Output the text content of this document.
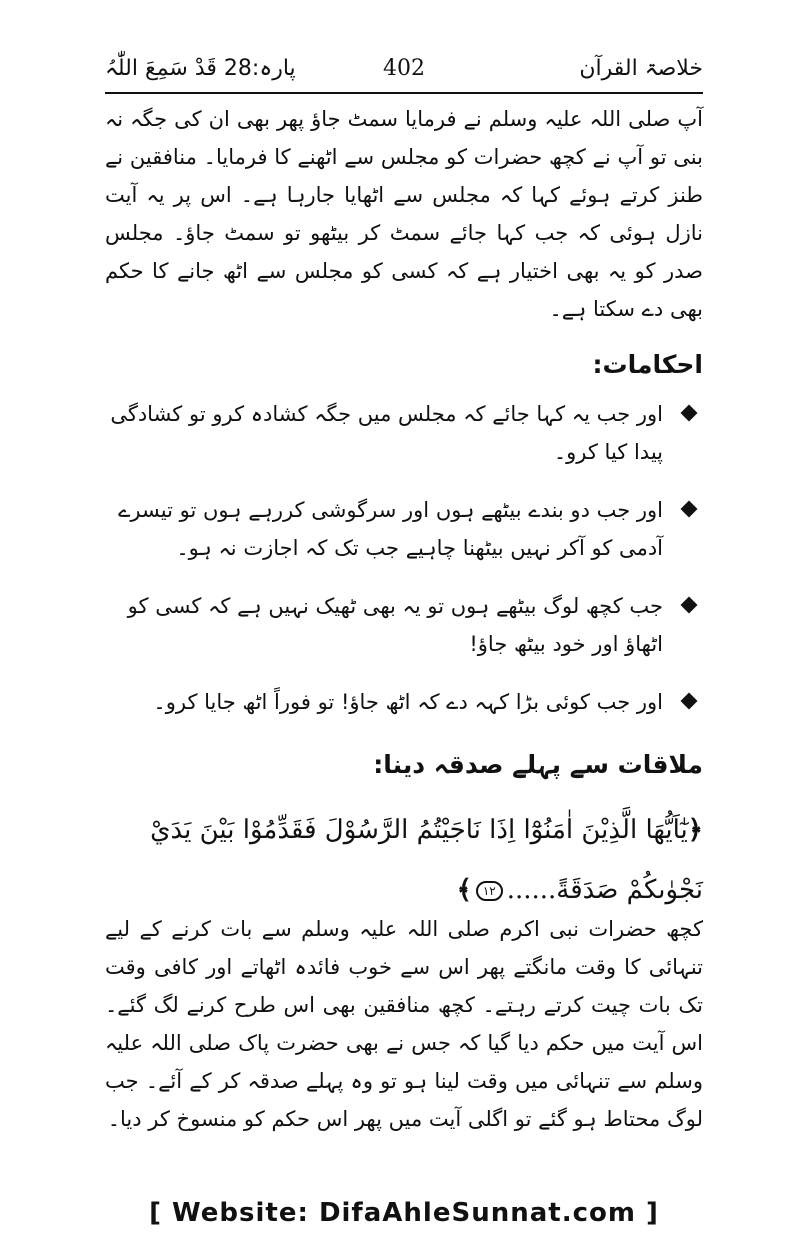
خلاصۃ القرآن
402
پارہ:28 قَدْ سَمِعَ اللّٰہُ

آپ صلی اللہ علیہ وسلم نے فرمایا سمٹ جاؤ پھر بھی ان کی جگہ نہ بنی تو آپ نے کچھ حضرات کو مجلس سے اٹھنے کا فرمایا۔ منافقین نے طنز کرتے ہوئے کہا کہ مجلس سے اٹھایا جارہا ہے۔ اس پر یہ آیت نازل ہوئی کہ جب کہا جائے سمٹ کر بیٹھو تو سمٹ جاؤ۔ مجلس صدر کو یہ بھی اختیار ہے کہ کسی کو مجلس سے اٹھ جانے کا حکم بھی دے سکتا ہے۔

احکامات:
اور جب یہ کہا جائے کہ مجلس میں جگہ کشادہ کرو تو کشادگی پیدا کیا کرو۔
اور جب دو بندے بیٹھے ہوں اور سرگوشی کررہے ہوں تو تیسرے آدمی کو آکر نہیں بیٹھنا چاہیے جب تک کہ اجازت نہ ہو۔
جب کچھ لوگ بیٹھے ہوں تو یہ بھی ٹھیک نہیں ہے کہ کسی کو اٹھاؤ اور خود بیٹھ جاؤ!
اور جب کوئی بڑا کہہ دے کہ اٹھ جاؤ! تو فوراً اٹھ جایا کرو۔
ملاقات سے پہلے صدقہ دینا:
﴿يٰٓاَيُّهَا الَّذِيْنَ اٰمَنُوْٓا اِذَا نَاجَيْتُمُ الرَّسُوْلَ فَقَدِّمُوْا بَيْنَ يَدَيْ نَجْوٰىكُمْ صَدَقَةً......١٢﴾

کچھ حضرات نبی اکرم صلی اللہ علیہ وسلم سے بات کرنے کے لیے تنہائی کا وقت مانگتے پھر اس سے خوب فائدہ اٹھاتے اور کافی وقت تک بات چیت کرتے رہتے۔ کچھ منافقین بھی اس طرح کرنے لگ گئے۔ اس آیت میں حکم دیا گیا کہ جس نے بھی حضرت پاک صلی اللہ علیہ وسلم سے تنہائی میں وقت لینا ہو تو وہ پہلے صدقہ کر کے آئے۔ جب لوگ محتاط ہو گئے تو اگلی آیت میں پھر اس حکم کو منسوخ کر دیا۔

[ Website: DifaAhleSunnat.com ]
